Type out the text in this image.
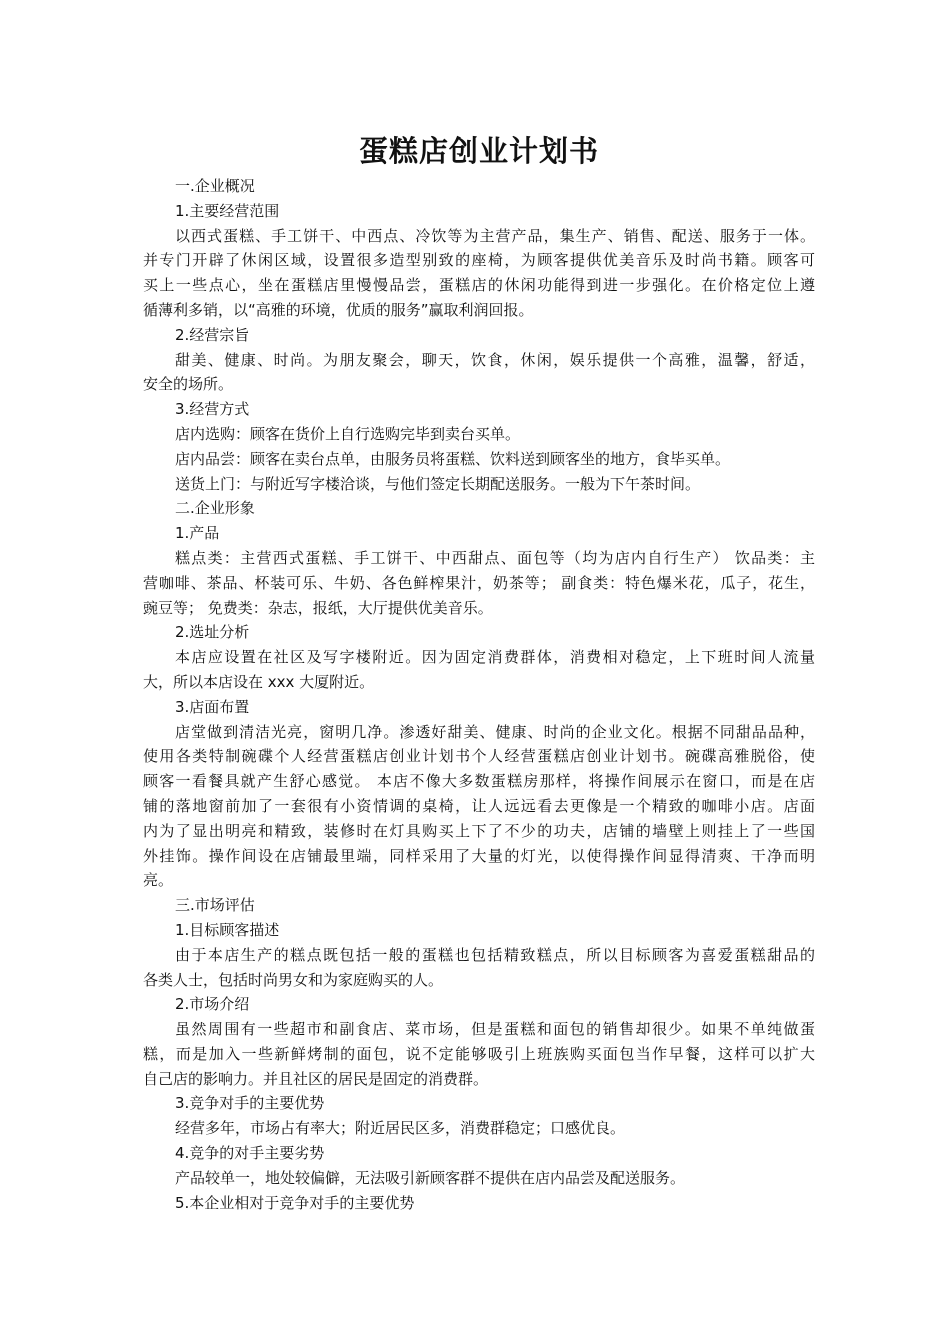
蛋糕店创业计划书

一.企业概况

1.主要经营范围

以西式蛋糕、手工饼干、中西点、冷饮等为主营产品，集生产、销售、配送、服务于一体。

并专门开辟了休闲区域，设置很多造型别致的座椅，为顾客提供优美音乐及时尚书籍。顾客可

买上一些点心，坐在蛋糕店里慢慢品尝，蛋糕店的休闲功能得到进一步强化。在价格定位上遵

循薄利多销，以“高雅的环境，优质的服务”赢取利润回报。

2.经营宗旨

甜美、健康、时尚。为朋友聚会，聊天，饮食，休闲，娱乐提供一个高雅，温馨，舒适，

安全的场所。

3.经营方式

店内选购：顾客在货价上自行选购完毕到卖台买单。

店内品尝：顾客在卖台点单，由服务员将蛋糕、饮料送到顾客坐的地方，食毕买单。

送货上门：与附近写字楼洽谈，与他们签定长期配送服务。一般为下午茶时间。

二.企业形象

1.产品

糕点类：主营西式蛋糕、手工饼干、中西甜点、面包等（均为店内自行生产） 饮品类：主

营咖啡、茶品、杯装可乐、牛奶、各色鲜榨果汁，奶茶等； 副食类：特色爆米花，瓜子，花生，

豌豆等； 免费类：杂志，报纸，大厅提供优美音乐。

2.选址分析

本店应设置在社区及写字楼附近。因为固定消费群体，消费相对稳定，上下班时间人流量

大，所以本店设在 xxx 大厦附近。

3.店面布置

店堂做到清洁光亮，窗明几净。渗透好甜美、健康、时尚的企业文化。根据不同甜品品种，

使用各类特制碗碟个人经营蛋糕店创业计划书个人经营蛋糕店创业计划书。碗碟高雅脱俗，使

顾客一看餐具就产生舒心感觉。 本店不像大多数蛋糕房那样，将操作间展示在窗口，而是在店

铺的落地窗前加了一套很有小资情调的桌椅，让人远远看去更像是一个精致的咖啡小店。店面

内为了显出明亮和精致，装修时在灯具购买上下了不少的功夫，店铺的墙壁上则挂上了一些国

外挂饰。操作间设在店铺最里端，同样采用了大量的灯光，以使得操作间显得清爽、干净而明

亮。

三.市场评估

1.目标顾客描述

由于本店生产的糕点既包括一般的蛋糕也包括精致糕点，所以目标顾客为喜爱蛋糕甜品的

各类人士，包括时尚男女和为家庭购买的人。

2.市场介绍

虽然周围有一些超市和副食店、菜市场，但是蛋糕和面包的销售却很少。如果不单纯做蛋

糕，而是加入一些新鲜烤制的面包，说不定能够吸引上班族购买面包当作早餐，这样可以扩大

自己店的影响力。并且社区的居民是固定的消费群。

3.竞争对手的主要优势

经营多年，市场占有率大；附近居民区多，消费群稳定；口感优良。

4.竞争的对手主要劣势

产品较单一，地处较偏僻，无法吸引新顾客群不提供在店内品尝及配送服务。

5.本企业相对于竞争对手的主要优势
